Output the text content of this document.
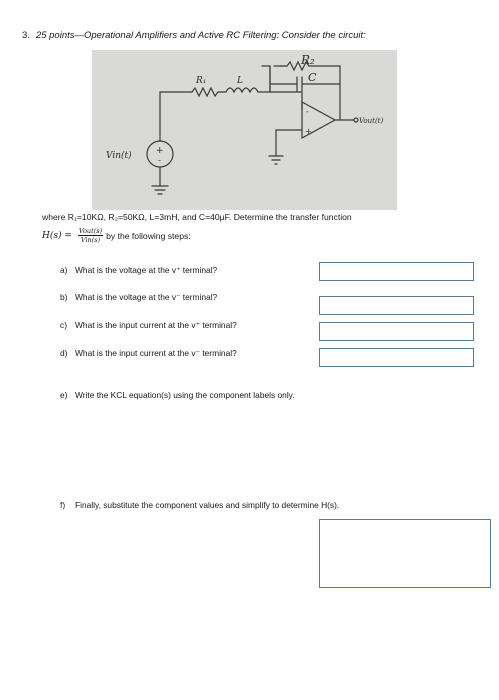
3. 25 points—Operational Amplifiers and Active RC Filtering: Consider the circuit:
R₂
C
R₁	L
Vin(t)
Vout(t)
-
+
+
-
where R₁=10KΩ, R₂=50KΩ, L=3mH, and C=40µF. Determine the transfer function
$H(s) = \frac{\text{Vout(s)}}{\text{Vin(s)}}$ by the following steps:
a) What is the voltage at the v⁺ terminal?
b) What is the voltage at the v⁻ terminal?
c) What is the input current at the v⁺ terminal?
d) What is the input current at the v⁻ terminal?
e) Write the KCL equation(s) using the component labels only.
f) Finally, substitute the component values and simplify to determine H(s).
